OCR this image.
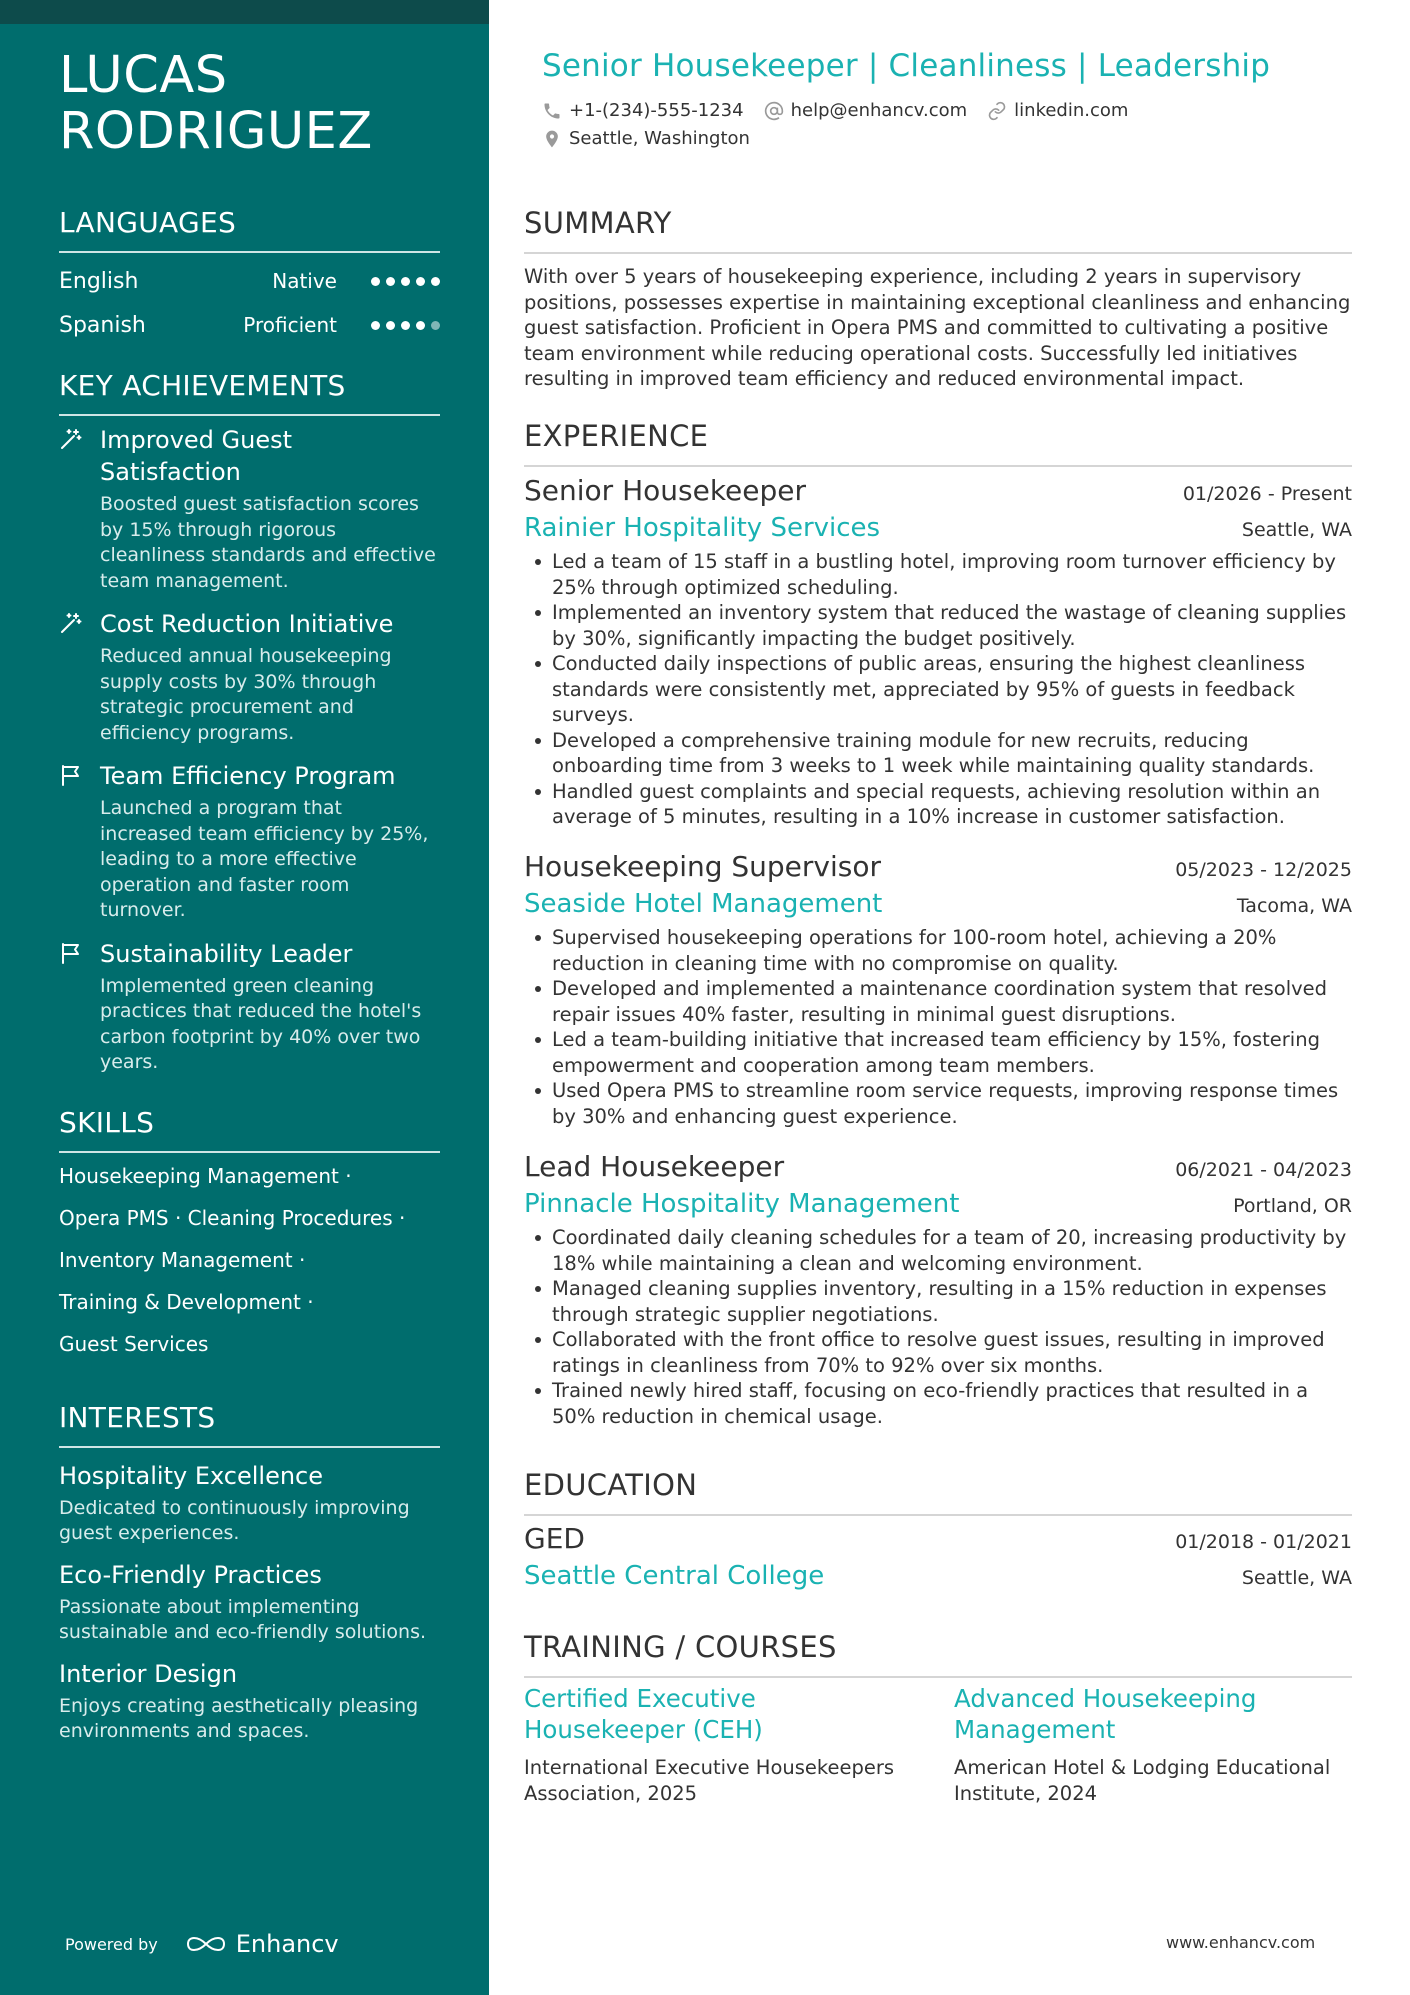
LUCAS
RODRIGUEZ
LANGUAGES
English	Native
Spanish	Proficient
KEY ACHIEVEMENTS
Improved Guest Satisfaction
Boosted guest satisfaction scores by 15% through rigorous cleanliness standards and effective team management.
Cost Reduction Initiative
Reduced annual housekeeping supply costs by 30% through strategic procurement and efficiency programs.
Team Efficiency Program
Launched a program that increased team efficiency by 25%, leading to a more effective operation and faster room turnover.
Sustainability Leader
Implemented green cleaning practices that reduced the hotel's carbon footprint by 40% over two years.
SKILLS
Housekeeping Management ·
Opera PMS · Cleaning Procedures ·
Inventory Management ·
Training & Development ·
Guest Services
INTERESTS
Hospitality Excellence
Dedicated to continuously improving guest experiences.
Eco-Friendly Practices
Passionate about implementing sustainable and eco-friendly solutions.
Interior Design
Enjoys creating aesthetically pleasing environments and spaces.
Powered by	Enhancv
Senior Housekeeper | Cleanliness | Leadership
+1-(234)-555-1234	help@enhancv.com	linkedin.com
Seattle, Washington
SUMMARY
With over 5 years of housekeeping experience, including 2 years in supervisory positions, possesses expertise in maintaining exceptional cleanliness and enhancing guest satisfaction. Proficient in Opera PMS and committed to cultivating a positive team environment while reducing operational costs. Successfully led initiatives resulting in improved team efficiency and reduced environmental impact.
EXPERIENCE
Senior Housekeeper	01/2026 - Present
Rainier Hospitality Services	Seattle, WA
Led a team of 15 staff in a bustling hotel, improving room turnover efficiency by 25% through optimized scheduling.
Implemented an inventory system that reduced the wastage of cleaning supplies by 30%, significantly impacting the budget positively.
Conducted daily inspections of public areas, ensuring the highest cleanliness standards were consistently met, appreciated by 95% of guests in feedback surveys.
Developed a comprehensive training module for new recruits, reducing onboarding time from 3 weeks to 1 week while maintaining quality standards.
Handled guest complaints and special requests, achieving resolution within an average of 5 minutes, resulting in a 10% increase in customer satisfaction.
Housekeeping Supervisor	05/2023 - 12/2025
Seaside Hotel Management	Tacoma, WA
Supervised housekeeping operations for 100-room hotel, achieving a 20% reduction in cleaning time with no compromise on quality.
Developed and implemented a maintenance coordination system that resolved repair issues 40% faster, resulting in minimal guest disruptions.
Led a team-building initiative that increased team efficiency by 15%, fostering empowerment and cooperation among team members.
Used Opera PMS to streamline room service requests, improving response times by 30% and enhancing guest experience.
Lead Housekeeper	06/2021 - 04/2023
Pinnacle Hospitality Management	Portland, OR
Coordinated daily cleaning schedules for a team of 20, increasing productivity by 18% while maintaining a clean and welcoming environment.
Managed cleaning supplies inventory, resulting in a 15% reduction in expenses through strategic supplier negotiations.
Collaborated with the front office to resolve guest issues, resulting in improved ratings in cleanliness from 70% to 92% over six months.
Trained newly hired staff, focusing on eco-friendly practices that resulted in a 50% reduction in chemical usage.
EDUCATION
GED	01/2018 - 01/2021
Seattle Central College	Seattle, WA
TRAINING / COURSES
Certified Executive Housekeeper (CEH)
International Executive Housekeepers Association, 2025
Advanced Housekeeping Management
American Hotel & Lodging Educational Institute, 2024
www.enhancv.com
